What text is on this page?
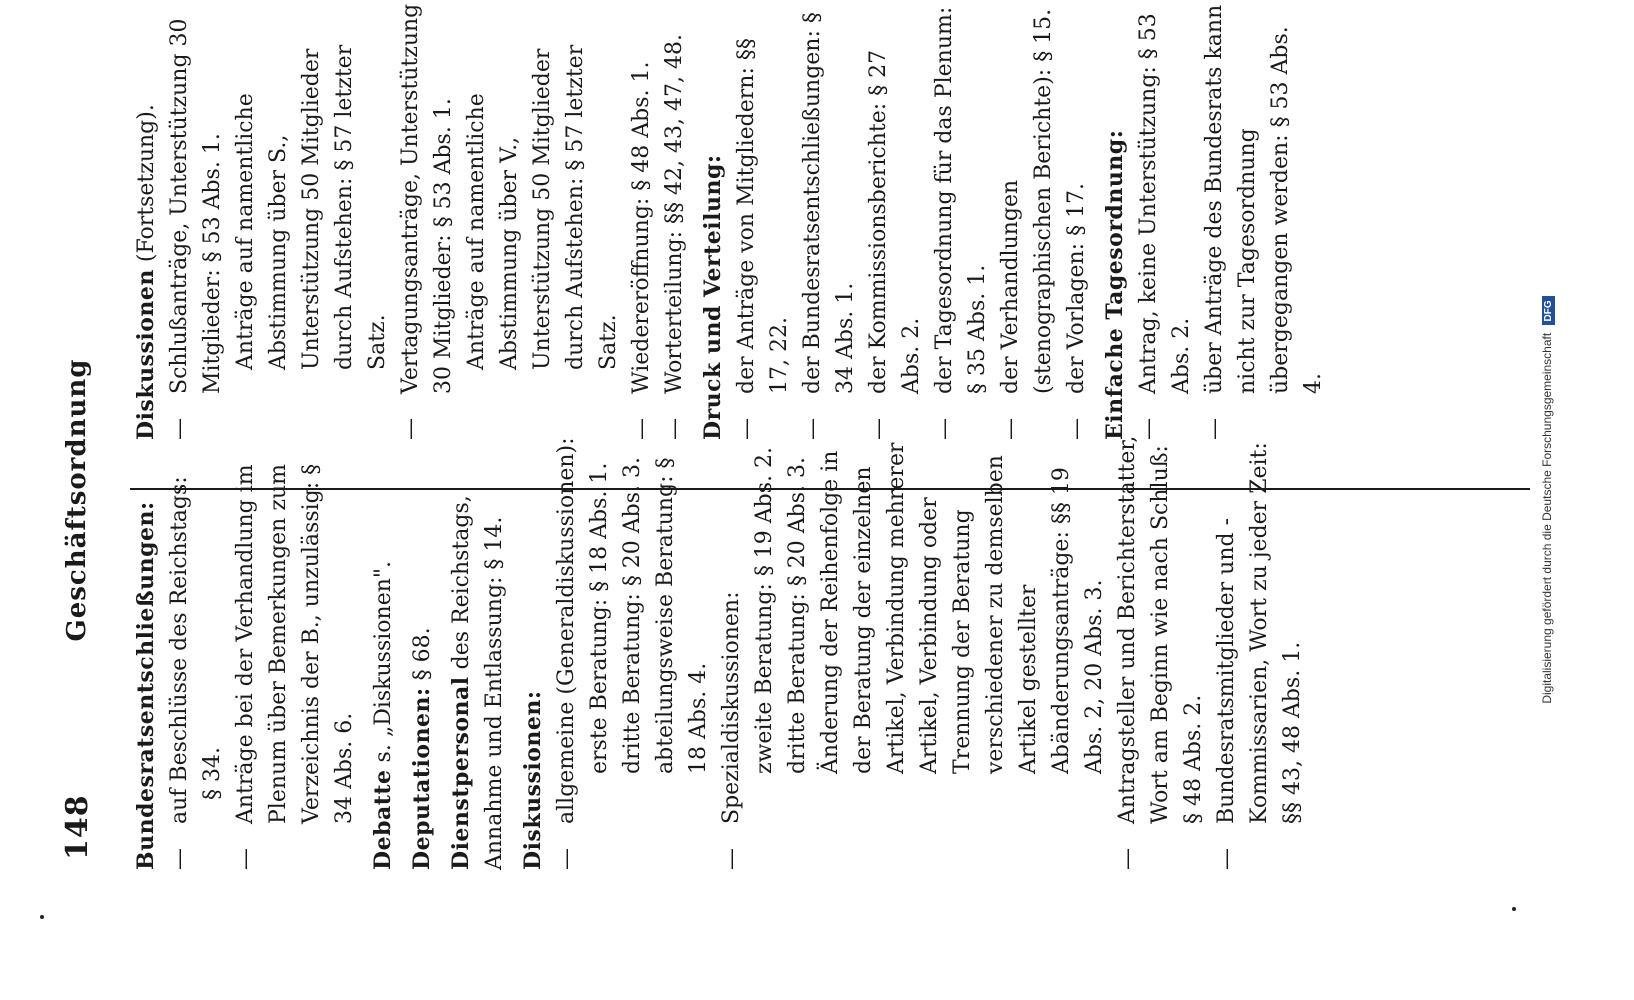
148
Geschäftsordnung
Bundesratsentschließungen: —
auf Beschlüsse des Reichstags: § 34.
—
Anträge bei der Verhandlung im Plenum über Bemerkungen zum Verzeichnis der B., unzulässig: § 34 Abs. 6. Debatte s. „Diskussionen".
Deputationen: § 68.
Dienstpersonal des Reichstags, Annahme und Entlassung: § 14. Diskussionen: —
allgemeine (Generaldiskussionen): erste Beratung: § 18 Abs. 1. dritte Beratung: § 20 Abs. 3. abteilungsweise Beratung: § 18 Abs. 4.
—
Spezialdiskussionen: zweite Beratung: § 19 Abs. 2. dritte Beratung: § 20 Abs. 3. Änderung der Reihenfolge in der Beratung der einzelnen Artikel, Verbindung mehrerer Artikel, Verbindung oder Trennung der Beratung verschiedener zu demselben Artikel gestellter Abänderungsanträge: §§ 19 Abs. 2, 20 Abs. 3.
—
Antragsteller und Berichterstatter, Wort am Beginn wie nach Schluß: § 48 Abs. 2.
—
Bundesratsmitglieder und -Kommissarien, Wort zu jeder Zeit: §§ 43, 48 Abs. 1.
Diskussionen (Fortsetzung).
—
Schlußanträge, Unterstützung 30 Mitglieder: § 53 Abs. 1. Anträge auf namentliche Abstimmung über S., Unterstützung 50 Mitglieder durch Aufstehen: § 57 letzter Satz.
—
Vertagungsanträge, Unterstützung 30 Mitglieder: § 53 Abs. 1. Anträge auf namentliche Abstimmung über V., Unterstützung 50 Mitglieder durch Aufstehen: § 57 letzter Satz.
—
Wiedereröffnung: § 48 Abs. 1.
—
Worterteilung: §§ 42, 43, 47, 48. Druck und Verteilung: —
der Anträge von Mitgliedern: §§ 17, 22.
—
der Bundesratsentschließungen: § 34 Abs. 1.
—
der Kommissionsberichte: § 27 Abs. 2.
—
der Tagesordnung für das Plenum: § 35 Abs. 1.
—
der Verhandlungen (stenographischen Berichte): § 15.
—
der Vorlagen: § 17. Einfache Tagesordnung: —
Antrag, keine Unterstützung: § 53 Abs. 2.
—
über Anträge des Bundesrats kann nicht zur Tagesordnung übergegangen werden: § 53 Abs. 4.	Digitalisierung gefördert durch die Deutsche Forschungsgemeinschaft DFG
